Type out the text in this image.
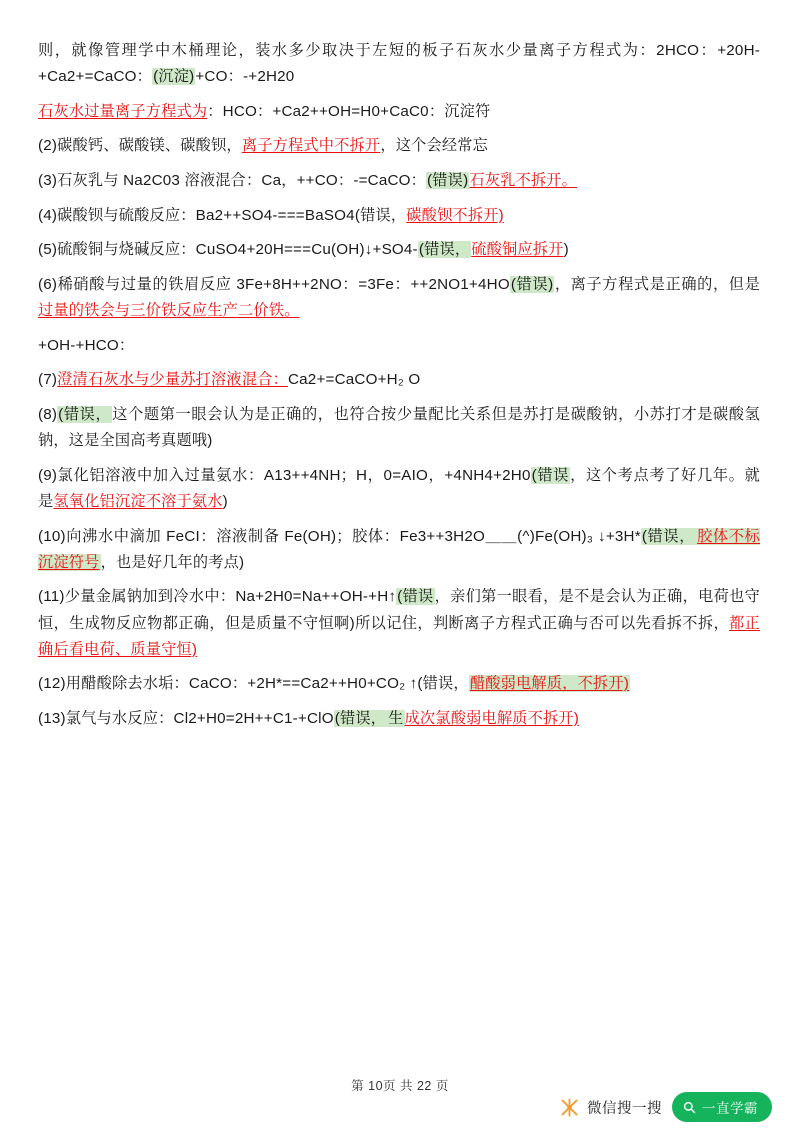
则，就像管理学中木桶理论，装水多少取决于左短的板子石灰水少量离子方程式为：2HCO：+20H-+Ca2+=CaCO：(沉淀)+CO：-+2H20

石灰水过量离子方程式为：HCO：+Ca2++OH=H0+CaC0：沉淀符

(2)碳酸钙、碳酸镁、碳酸钡，离子方程式中不拆开，这个会经常忘

(3)石灰乳与 Na2C03 溶液混合：Ca，++CO：-=CaCO：(错误)石灰乳不拆开。

(4)碳酸钡与硫酸反应：Ba2++SO4-===BaSO4(错误，碳酸钡不拆开)

(5)硫酸铜与烧碱反应：CuSO4+20H===Cu(OH)↓+SO4-(错误，硫酸铜应拆开)

(6)稀硝酸与过量的铁眉反应 3Fe+8H++2NO：=3Fe：++2NO1+4HO(错误)，离子方程式是正确的，但是过量的铁会与三价铁反应生产二价铁。

+OH-+HCO：

(7)澄清石灰水与少量苏打溶液混合：Ca2+=CaCO+H₂ O

(8)(错误，这个题第一眼会认为是正确的，也符合按少量配比关系但是苏打是碳酸钠，小苏打才是碳酸氢钠，这是全国高考真题哦)

(9)氯化铝溶液中加入过量氨水：A13++4NH；H，0=AIO，+4NH4+2H0(错误，这个考点考了好几年。就是氢氧化铝沉淀不溶于氨水)

(10)向沸水中滴加 FeCI：溶液制备 Fe(OH)；胶体：Fe3++3H2O＿＿(^)Fe(OH)₃ ↓+3H*(错误， 胶体不标沉淀符号，也是好几年的考点)

(11)少量金属钠加到冷水中：Na+2H0=Na++OH-+H↑(错误，亲们第一眼看，是不是会认为正确，电荷也守恒，生成物反应物都正确，但是质量不守恒啊)所以记住，判断离子方程式正确与否可以先看拆不拆，都正确后看电荷、质量守恒)

(12)用醋酸除去水垢：CaCO：+2H*==Ca2++H0+CO₂ ↑(错误，醋酸弱电解质，不拆开)

(13)氯气与水反应：Cl2+H0=2H++C1-+ClO(错误， 生成次氯酸弱电解质不拆开)

第 10页 共 22 页
微信搜一搜	一直学霸
